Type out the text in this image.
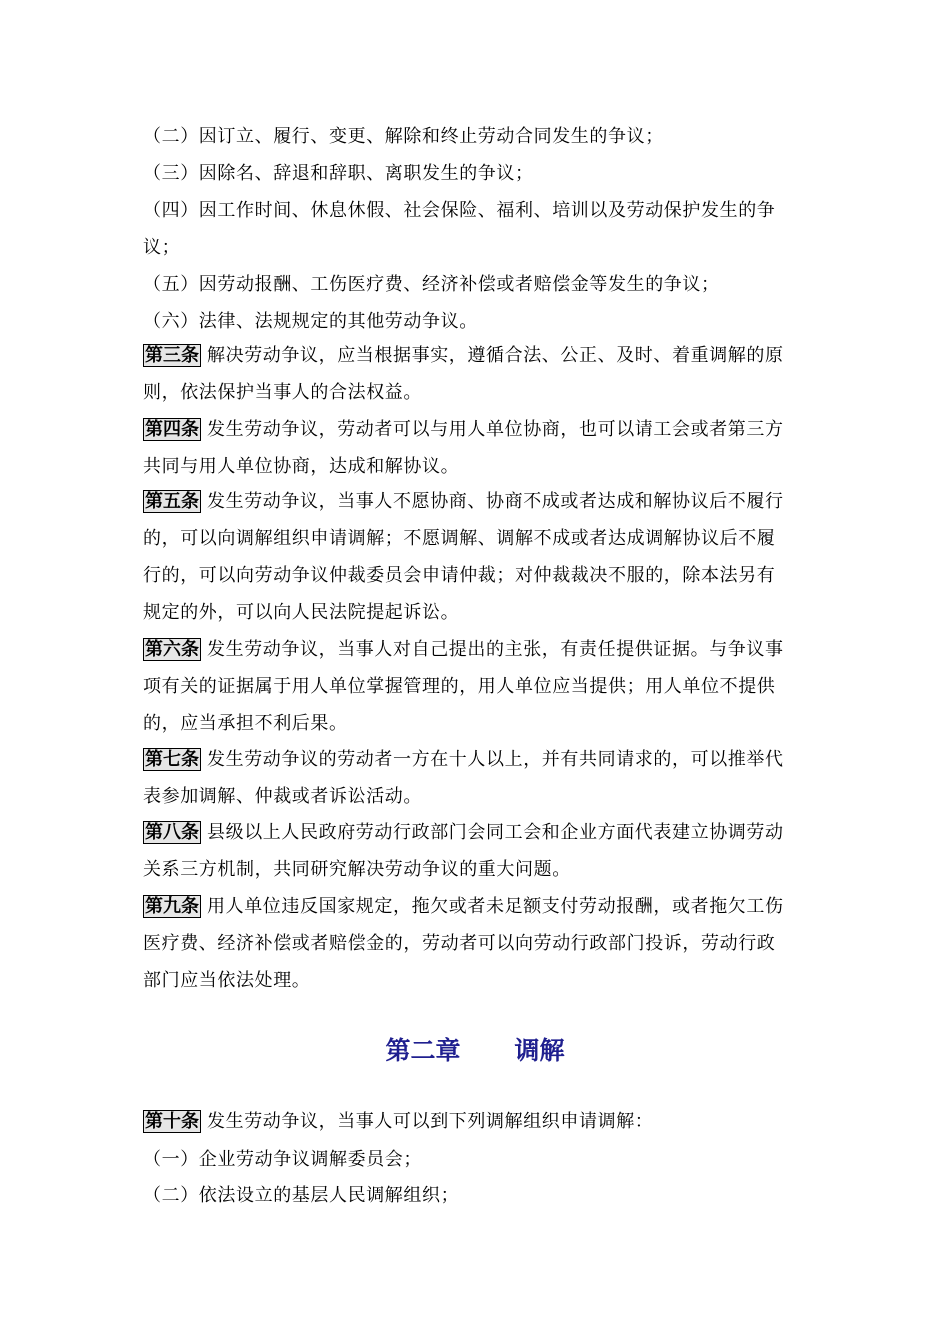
（二）因订立、履行、变更、解除和终止劳动合同发生的争议；
（三）因除名、辞退和辞职、离职发生的争议；
（四）因工作时间、休息休假、社会保险、福利、培训以及劳动保护发生的争
议；
（五）因劳动报酬、工伤医疗费、经济补偿或者赔偿金等发生的争议；
（六）法律、法规规定的其他劳动争议。
第三条 解决劳动争议，应当根据事实，遵循合法、公正、及时、着重调解的原
则，依法保护当事人的合法权益。
第四条 发生劳动争议，劳动者可以与用人单位协商，也可以请工会或者第三方
共同与用人单位协商，达成和解协议。
第五条 发生劳动争议，当事人不愿协商、协商不成或者达成和解协议后不履行
的，可以向调解组织申请调解；不愿调解、调解不成或者达成调解协议后不履
行的，可以向劳动争议仲裁委员会申请仲裁；对仲裁裁决不服的，除本法另有
规定的外，可以向人民法院提起诉讼。
第六条 发生劳动争议，当事人对自己提出的主张，有责任提供证据。与争议事
项有关的证据属于用人单位掌握管理的，用人单位应当提供；用人单位不提供
的，应当承担不利后果。
第七条 发生劳动争议的劳动者一方在十人以上，并有共同请求的，可以推举代
表参加调解、仲裁或者诉讼活动。
第八条 县级以上人民政府劳动行政部门会同工会和企业方面代表建立协调劳动
关系三方机制，共同研究解决劳动争议的重大问题。
第九条 用人单位违反国家规定，拖欠或者未足额支付劳动报酬，或者拖欠工伤
医疗费、经济补偿或者赔偿金的，劳动者可以向劳动行政部门投诉，劳动行政
部门应当依法处理。
第二章 调解
第十条 发生劳动争议，当事人可以到下列调解组织申请调解：
（一）企业劳动争议调解委员会；
（二）依法设立的基层人民调解组织；
